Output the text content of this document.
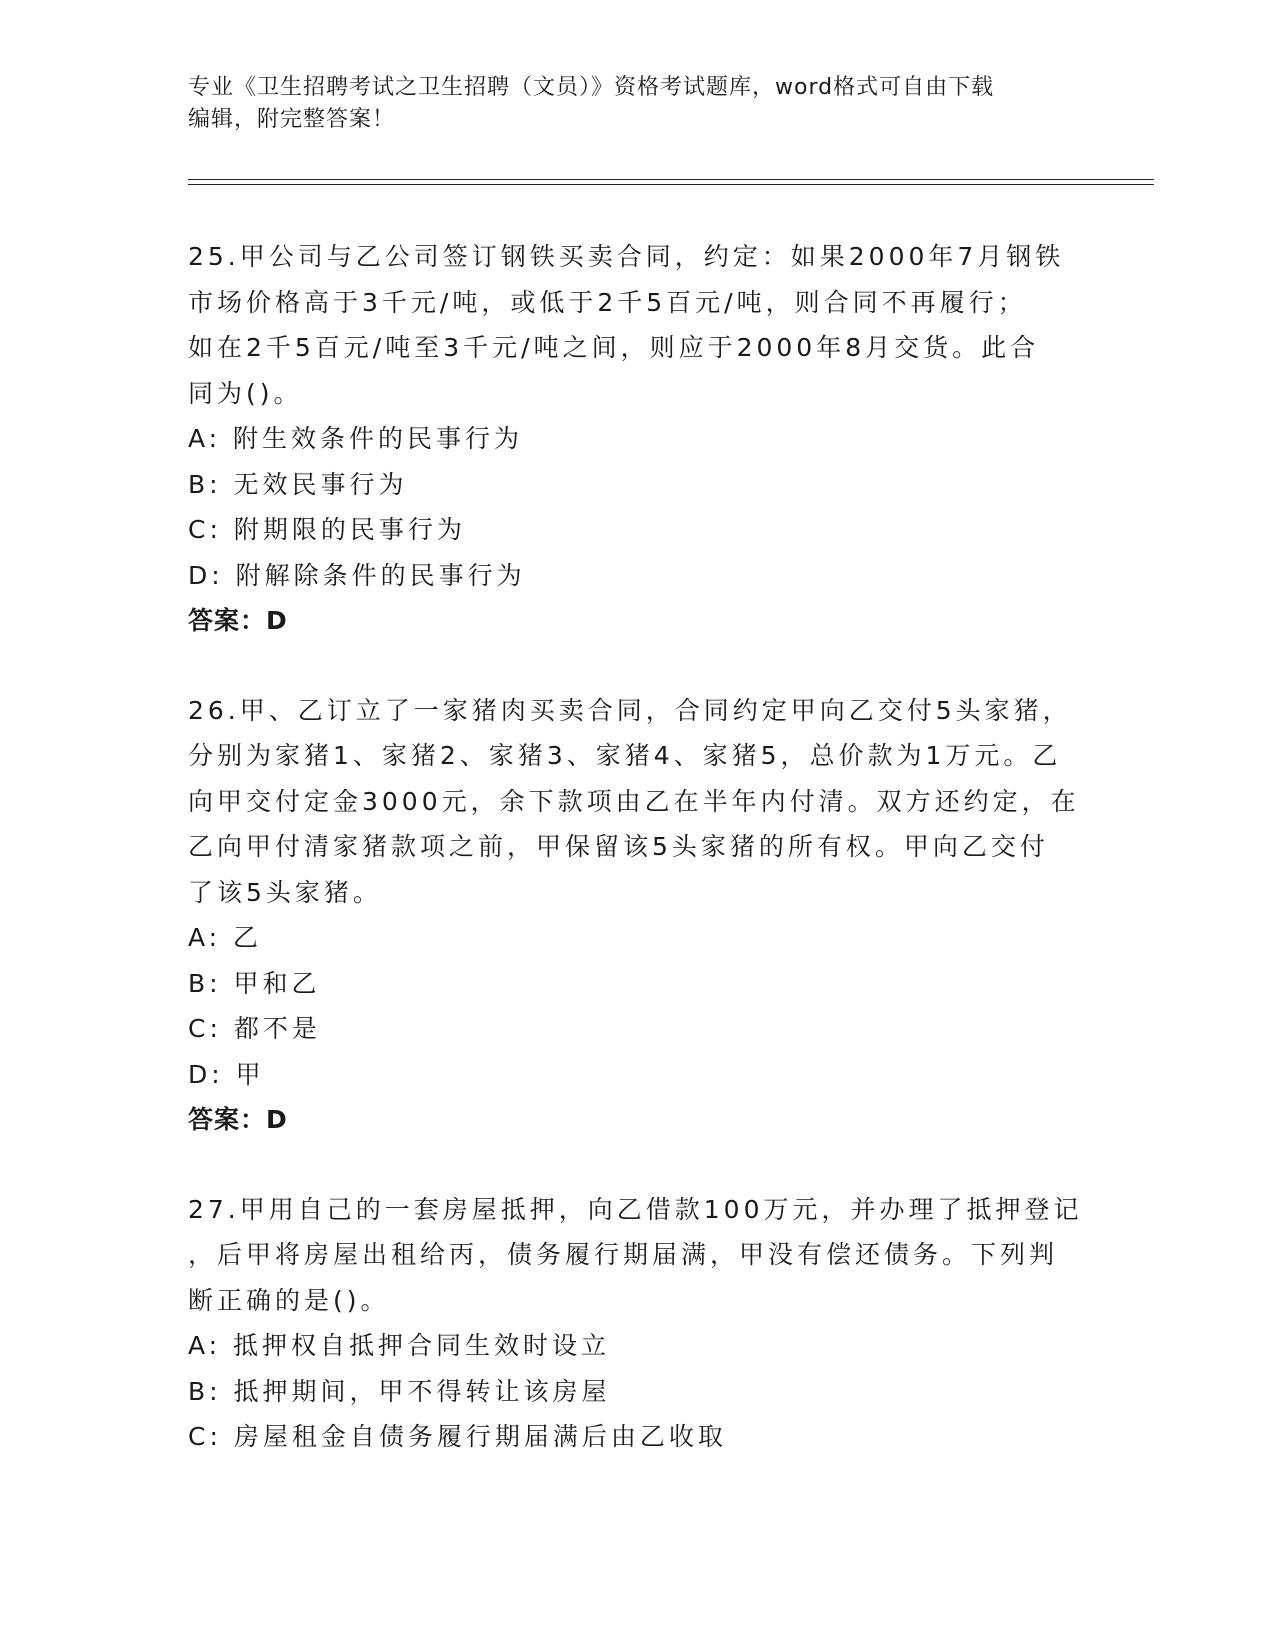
专业《卫生招聘考试之卫生招聘（文员）》资格考试题库，word格式可自由下载
编辑，附完整答案！
25.甲公司与乙公司签订钢铁买卖合同，约定：如果2000年7月钢铁
市场价格高于3千元/吨，或低于2千5百元/吨，则合同不再履行；
如在2千5百元/吨至3千元/吨之间，则应于2000年8月交货。此合
同为()。
A: 附生效条件的民事行为
B: 无效民事行为
C: 附期限的民事行为
D: 附解除条件的民事行为
答案：D
26.甲、乙订立了一家猪肉买卖合同，合同约定甲向乙交付5头家猪，
分别为家猪1、家猪2、家猪3、家猪4、家猪5，总价款为1万元。乙
向甲交付定金3000元，余下款项由乙在半年内付清。双方还约定，在
乙向甲付清家猪款项之前，甲保留该5头家猪的所有权。甲向乙交付
了该5头家猪。
A: 乙
B: 甲和乙
C: 都不是
D: 甲
答案：D
27.甲用自己的一套房屋抵押，向乙借款100万元，并办理了抵押登记
，后甲将房屋出租给丙，债务履行期届满，甲没有偿还债务。下列判
断正确的是()。
A: 抵押权自抵押合同生效时设立
B: 抵押期间，甲不得转让该房屋
C: 房屋租金自债务履行期届满后由乙收取
